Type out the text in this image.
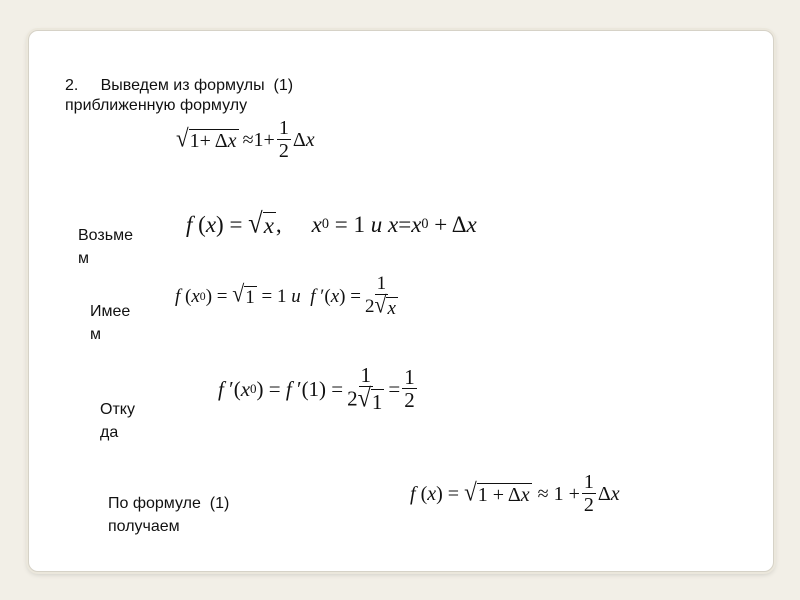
2.     Выведем из формулы  (1)
приближенную формулу
√ $1+ \Delta x \approx 1+ \frac{1}{2}$ Δ x
Возьме
м
f ( x ) = √ x , x 0 = 1 u
x = x 0 + Δ x
Имее
м
f ( x 0 ) = √ 1 = 1 u
f ′( x ) = $\frac{1}{2 √ x}$
Отку
да
f ′( x 0 ) = f $'(1) = \frac{1}{2 √ 1} = \frac{1}{2}$
По формуле  (1)
получаем
f ( x ) = √ $1 + \Delta x \approx 1 + \frac{1}{2}$ Δ x
